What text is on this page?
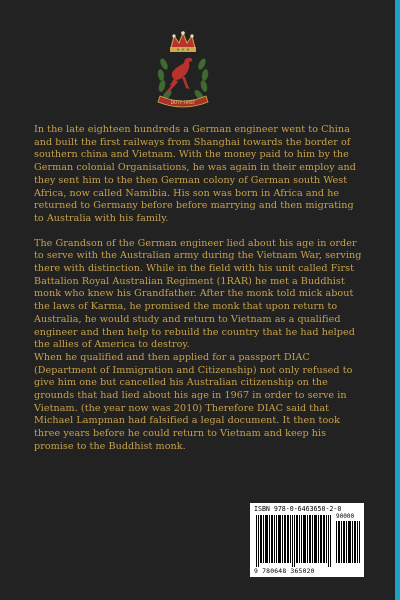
DUTY FIRST

In the late eighteen hundreds a German engineer went to China and built the first railways from Shanghai towards the border of southern china and Vietnam. With the money paid to him by the German colonial Organisations, he was again in their employ and they sent him to the then German colony of German south West Africa, now called Namibia. His son was born in Africa and he returned to Germany before before marrying and then migrating to Australia with his family.

The Grandson of the German engineer lied about his age in order to serve with the Australian army during the Vietnam War, serving there with distinction. While in the field with his unit called First Battalion Royal Australian Regiment (1RAR) he met a Buddhist monk who knew his Grandfather. After the monk told mick about the laws of Karma, he promised the monk that upon return to Australia, he would study and return to Vietnam as a qualified engineer and then help to rebuild the country that he had helped the allies of America to destroy.

When he qualified and then applied for a passport DIAC (Department of Immigration and Citizenship) not only refused to give him one but cancelled his Australian citizenship on the grounds that had lied about his age in 1967 in order to serve in Vietnam. (the year now was 2010) Therefore DIAC said that Michael Lampman had falsified a legal document. It then took three years before he could return to Vietnam and keep his promise to the Buddhist monk.

ISBN 978-0-6463650-2-0
90000
9 780648 365020
